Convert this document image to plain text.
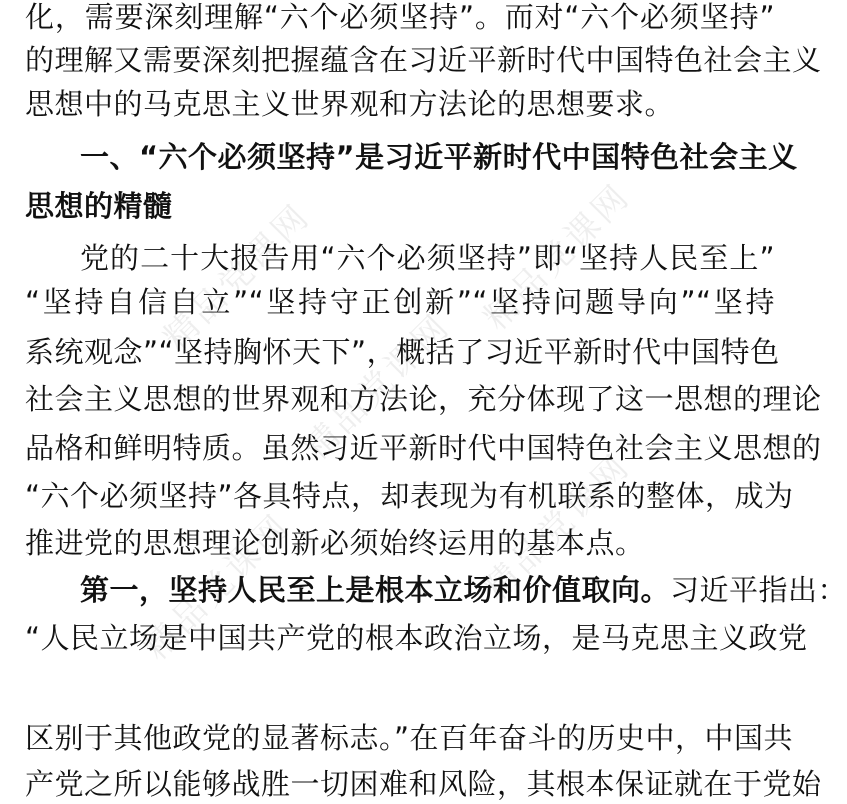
精品党课网	精品党课网
精品党课网
精品党课网	精品党课网
化，需要深刻理解“六个必须坚持”。而对“六个必须坚持”
的理解又需要深刻把握蕴含在习近平新时代中国特色社会主义
思想中的马克思主义世界观和方法论的思想要求。
一、“六个必须坚持”是习近平新时代中国特色社会主义
思想的精髓
党的二十大报告用“六个必须坚持”即“坚持人民至上”
“坚持自信自立”“坚持守正创新”“坚持问题导向”“坚持
系统观念”“坚持胸怀天下”，概括了习近平新时代中国特色
社会主义思想的世界观和方法论，充分体现了这一思想的理论
品格和鲜明特质。虽然习近平新时代中国特色社会主义思想的
“六个必须坚持”各具特点，却表现为有机联系的整体，成为
推进党的思想理论创新必须始终运用的基本点。
第一，坚持人民至上是根本立场和价值取向。 习近平指出：
“人民立场是中国共产党的根本政治立场，是马克思主义政党
区别于其他政党的显著标志。”在百年奋斗的历史中，中国共
产党之所以能够战胜一切困难和风险，其根本保证就在于党始
